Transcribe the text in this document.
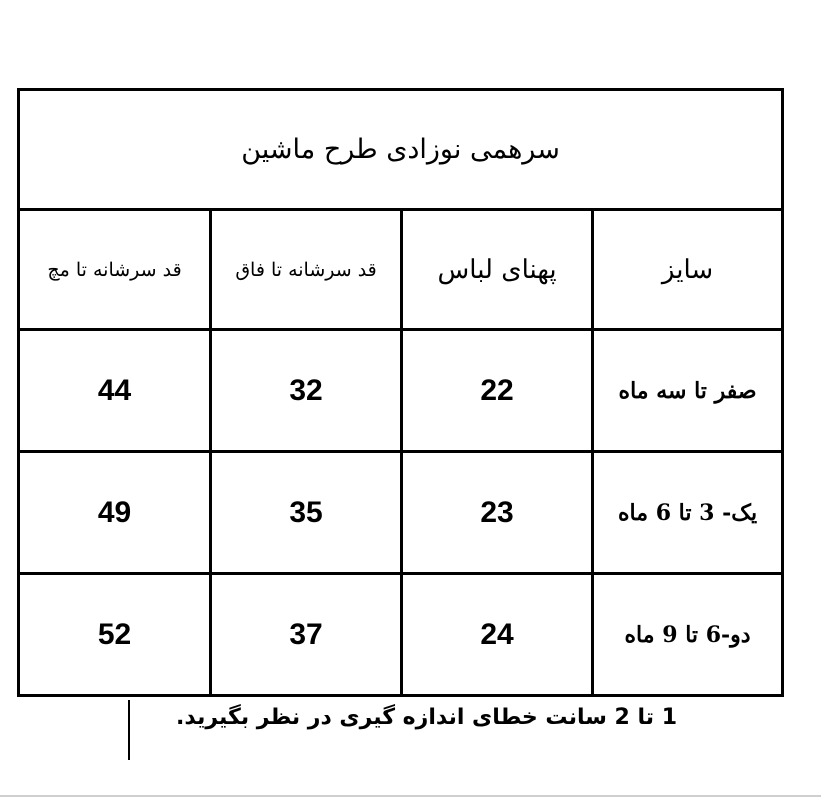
سرهمی نوزادی طرح ماشین			
سایز	پهنای لباس	قد سرشانه تا فاق	قد سرشانه تا مچ
صفر تا سه ماه	22	32	44
یک- 3 تا 6 ماه	23	35	49
دو-6 تا 9 ماه	24	37	52
1 تا 2 سانت خطای اندازه گیری در نظر بگیرید.
